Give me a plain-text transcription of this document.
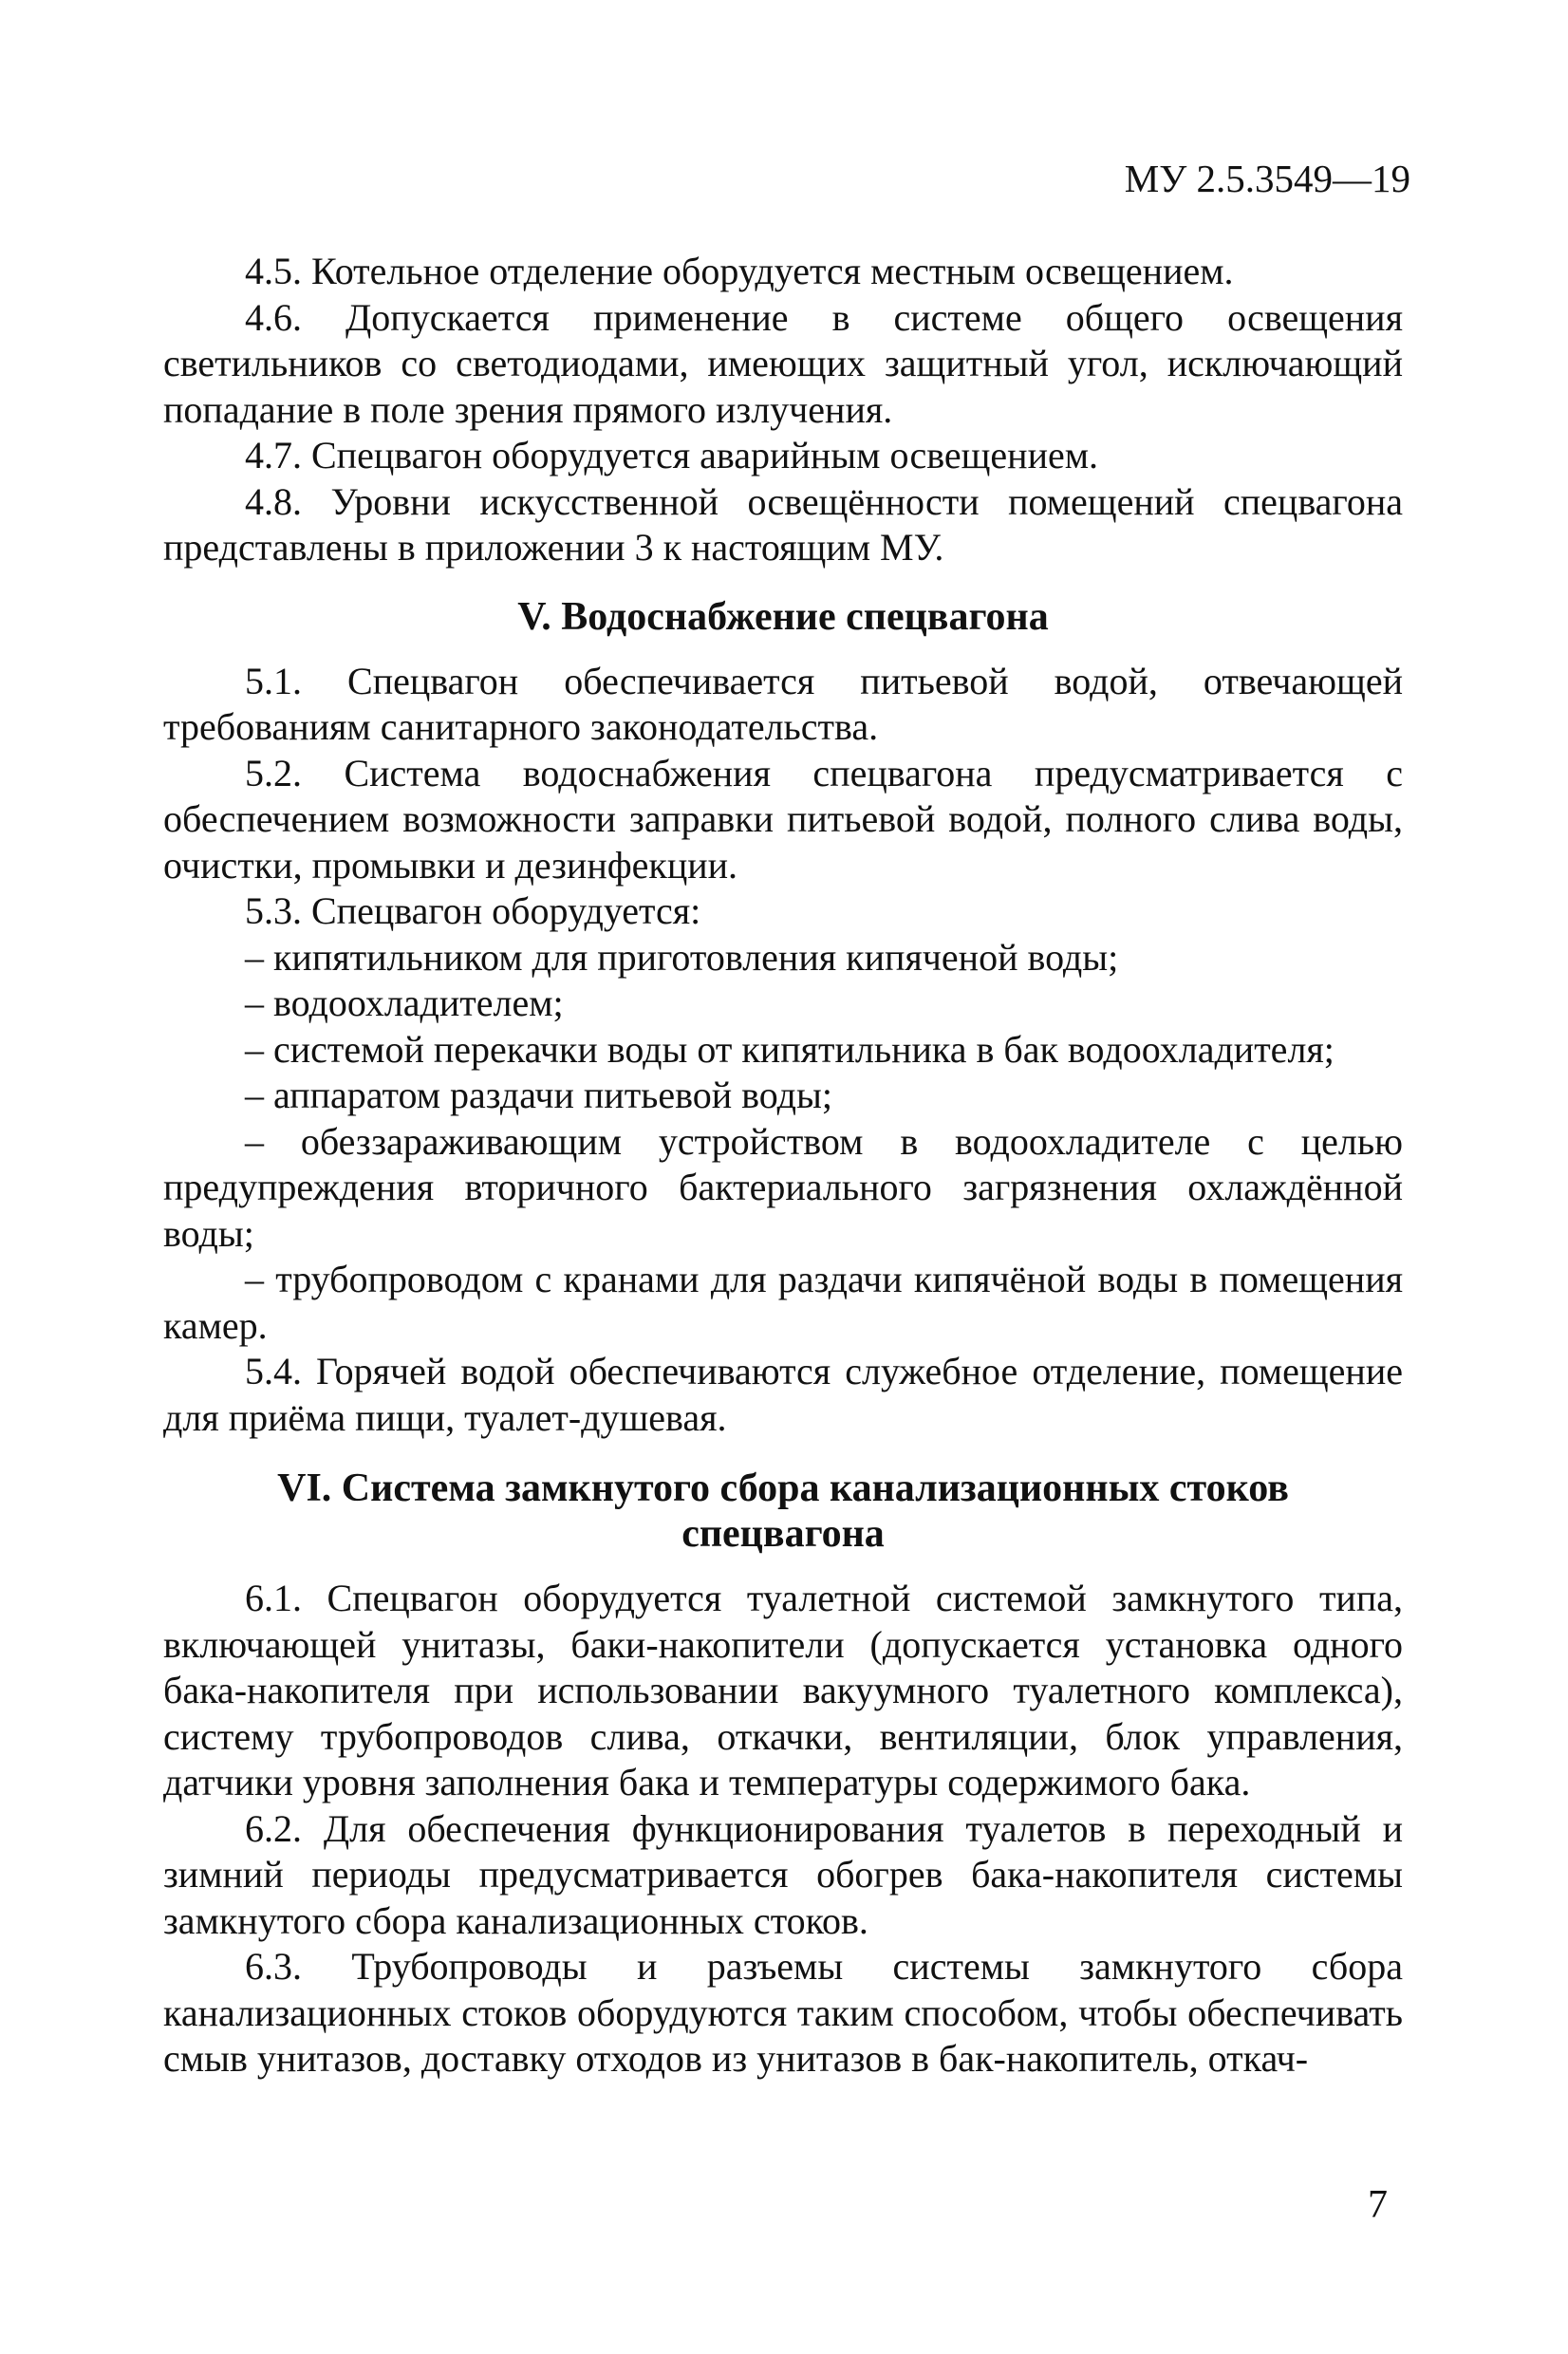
МУ 2.5.3549—19

4.5. Котельное отделение оборудуется местным освещением.

4.6. Допускается применение в системе общего освещения светильников со светодиодами, имеющих защитный угол, исключающий попадание в поле зрения прямого излучения.

4.7. Спецвагон оборудуется аварийным освещением.

4.8. Уровни искусственной освещённости помещений спецвагона представлены в приложении 3 к настоящим МУ.

V. Водоснабжение спецвагона

5.1. Спецвагон обеспечивается питьевой водой, отвечающей требованиям санитарного законодательства.

5.2. Система водоснабжения спецвагона предусматривается с обеспечением возможности заправки питьевой водой, полного слива воды, очистки, промывки и дезинфекции.

5.3. Спецвагон оборудуется:

– кипятильником для приготовления кипяченой воды;

– водоохладителем;

– системой перекачки воды от кипятильника в бак водоохладителя;

– аппаратом раздачи питьевой воды;

– обеззараживающим устройством в водоохладителе с целью предупреждения вторичного бактериального загрязнения охлаждённой воды;

– трубопроводом с кранами для раздачи кипячёной воды в помещения камер.

5.4. Горячей водой обеспечиваются служебное отделение, помещение для приёма пищи, туалет-душевая.

VI. Система замкнутого сбора канализационных стоков
спецвагона

6.1. Спецвагон оборудуется туалетной системой замкнутого типа, включающей унитазы, баки-накопители (допускается установка одного бака-накопителя при использовании вакуумного туалетного комплекса), систему трубопроводов слива, откачки, вентиляции, блок управления, датчики уровня заполнения бака и температуры содержимого бака.

6.2. Для обеспечения функционирования туалетов в переходный и зимний периоды предусматривается обогрев бака-накопителя системы замкнутого сбора канализационных стоков.

6.3. Трубопроводы и разъемы системы замкнутого сбора канализационных стоков оборудуются таким способом, чтобы обеспечивать смыв унитазов, доставку отходов из унитазов в бак-накопитель, откач-

7
